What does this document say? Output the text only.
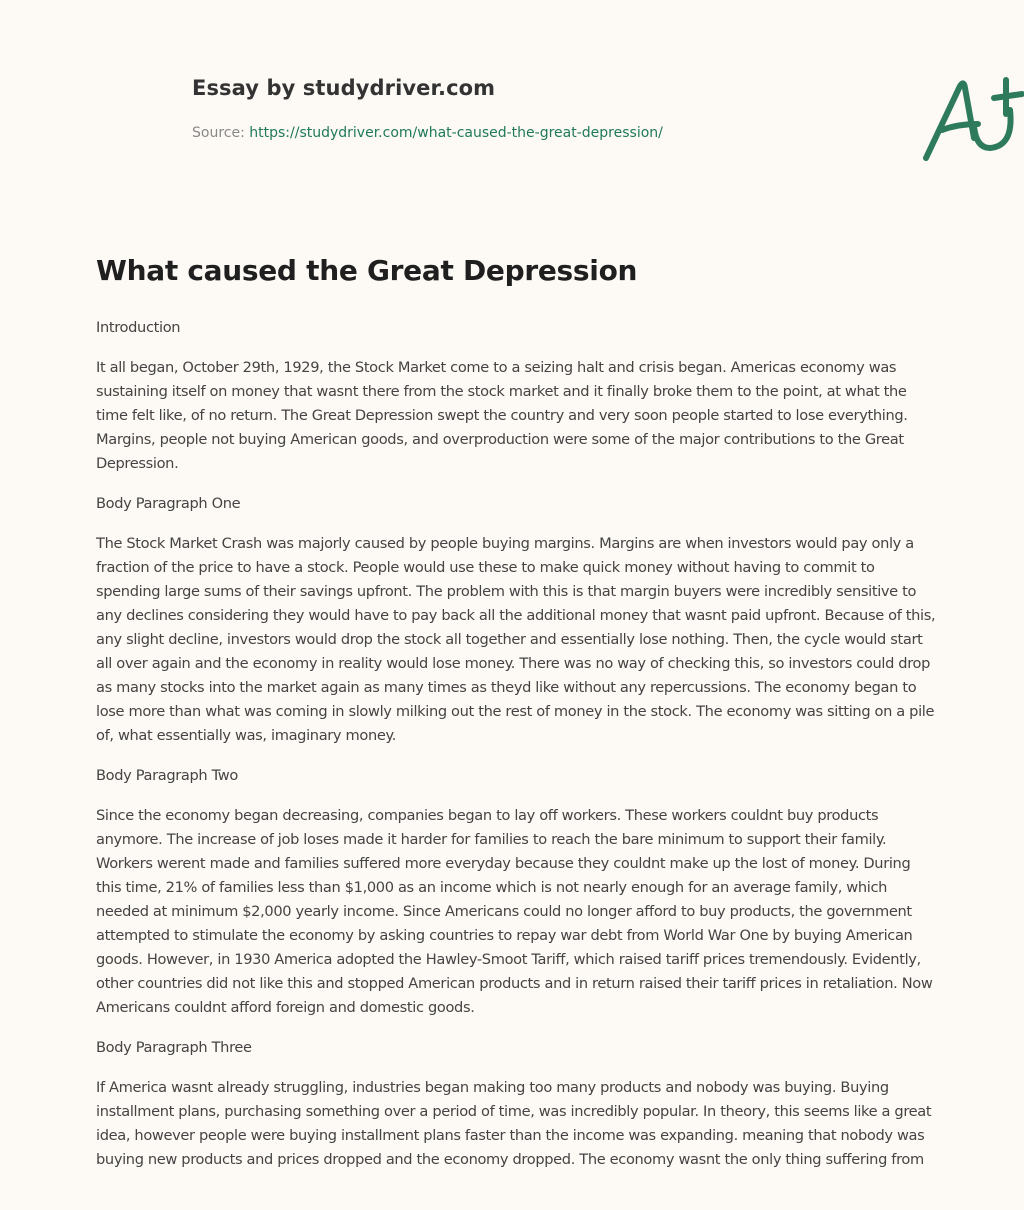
Essay by studydriver.com
Source: https://studydriver.com/what-caused-the-great-depression/
What caused the Great Depression

Introduction

It all began, October 29th, 1929, the Stock Market come to a seizing halt and crisis began. Americas economy was sustaining itself on money that wasnt there from the stock market and it finally broke them to the point, at what the time felt like, of no return. The Great Depression swept the country and very soon people started to lose everything. Margins, people not buying American goods, and overproduction were some of the major contributions to the Great Depression.

Body Paragraph One

The Stock Market Crash was majorly caused by people buying margins. Margins are when investors would pay only a fraction of the price to have a stock. People would use these to make quick money without having to commit to spending large sums of their savings upfront. The problem with this is that margin buyers were incredibly sensitive to any declines considering they would have to pay back all the additional money that wasnt paid upfront. Because of this, any slight decline, investors would drop the stock all together and essentially lose nothing. Then, the cycle would start all over again and the economy in reality would lose money. There was no way of checking this, so investors could drop as many stocks into the market again as many times as theyd like without any repercussions. The economy began to lose more than what was coming in slowly milking out the rest of money in the stock. The economy was sitting on a pile of, what essentially was, imaginary money.

Body Paragraph Two

Since the economy began decreasing, companies began to lay off workers. These workers couldnt buy products anymore. The increase of job loses made it harder for families to reach the bare minimum to support their family. Workers werent made and families suffered more everyday because they couldnt make up the lost of money. During this time, 21% of families less than $1,000 as an income which is not nearly enough for an average family, which needed at minimum $2,000 yearly income. Since Americans could no longer afford to buy products, the government attempted to stimulate the economy by asking countries to repay war debt from World War One by buying American goods. However, in 1930 America adopted the Hawley-Smoot Tariff, which raised tariff prices tremendously. Evidently, other countries did not like this and stopped American products and in return raised their tariff prices in retaliation. Now Americans couldnt afford foreign and domestic goods.

Body Paragraph Three

If America wasnt already struggling, industries began making too many products and nobody was buying. Buying installment plans, purchasing something over a period of time, was incredibly popular. In theory, this seems like a great idea, however people were buying installment plans faster than the income was expanding. meaning that nobody was buying new products and prices dropped and the economy dropped. The economy wasnt the only thing suffering from
